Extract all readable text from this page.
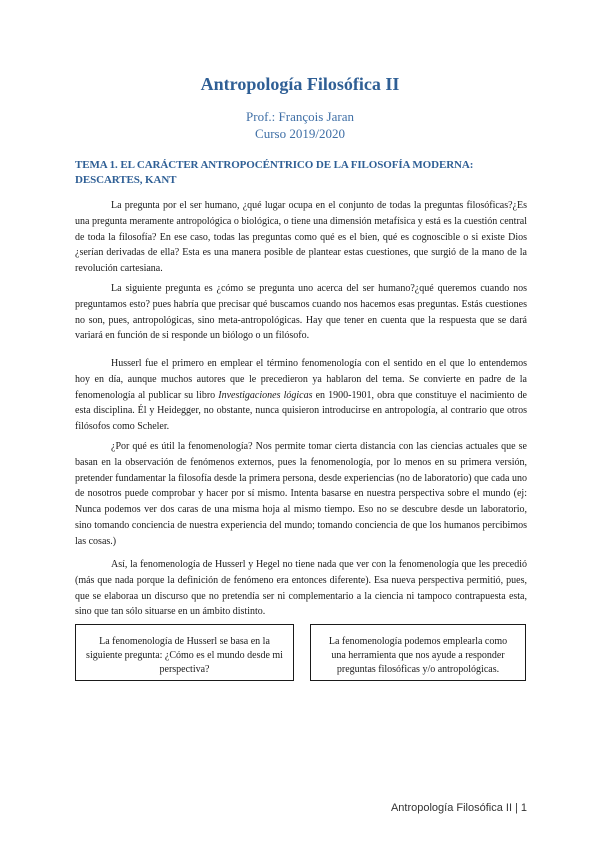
Antropología Filosófica II
Prof.: François Jaran
Curso 2019/2020
TEMA 1. EL CARÁCTER ANTROPOCÉNTRICO DE LA FILOSOFÍA MODERNA: DESCARTES, KANT

La pregunta por el ser humano, ¿qué lugar ocupa en el conjunto de todas la preguntas filosóficas?¿Es una pregunta meramente antropológica o biológica, o tiene una dimensión metafísica y está es la cuestión central de toda la filosofía? En ese caso, todas las preguntas como qué es el bien, qué es cognoscible o si existe Dios ¿serían derivadas de ella? Esta es una manera posible de plantear estas cuestiones, que surgió de la mano de la revolución cartesiana.

La siguiente pregunta es ¿cómo se pregunta uno acerca del ser humano?¿qué queremos cuando nos preguntamos esto? pues habría que precisar qué buscamos cuando nos hacemos esas preguntas. Estás cuestiones no son, pues, antropológicas, sino meta-antropológicas. Hay que tener en cuenta que la respuesta que se dará variará en función de si responde un biólogo o un filósofo.

Husserl fue el primero en emplear el término fenomenología con el sentido en el que lo entendemos hoy en día, aunque muchos autores que le precedieron ya hablaron del tema. Se convierte en padre de la fenomenología al publicar su libro Investigaciones lógicas en 1900-1901, obra que constituye el nacimiento de esta disciplina. Él y Heidegger, no obstante, nunca quisieron introducirse en antropología, al contrario que otros filósofos como Scheler.

¿Por qué es útil la fenomenología? Nos permite tomar cierta distancia con las ciencias actuales que se basan en la observación de fenómenos externos, pues la fenomenología, por lo menos en su primera versión, pretender fundamentar la filosofía desde la primera persona, desde experiencias (no de laboratorio) que cada uno de nosotros puede comprobar y hacer por sí mismo. Intenta basarse en nuestra perspectiva sobre el mundo (ej: Nunca podemos ver dos caras de una misma hoja al mismo tiempo. Eso no se descubre desde un laboratorio, sino tomando conciencia de nuestra experiencia del mundo; tomando conciencia de que los humanos percibimos las cosas.)

Así, la fenomenología de Husserl y Hegel no tiene nada que ver con la fenomenología que les precedió (más que nada porque la definición de fenómeno era entonces diferente). Esa nueva perspectiva permitió, pues, que se elaboraa un discurso que no pretendía ser ni complementario a la ciencia ni tampoco contrapuesta esta, sino que tan sólo situarse en un ámbito distinto.

La fenomenología de Husserl se basa en la siguiente pregunta: ¿Cómo es el mundo desde mi perspectiva?
La fenomenología podemos emplearla como una herramienta que nos ayude a responder preguntas filosóficas y/o antropológicas.
Antropología Filosófica II | 1
